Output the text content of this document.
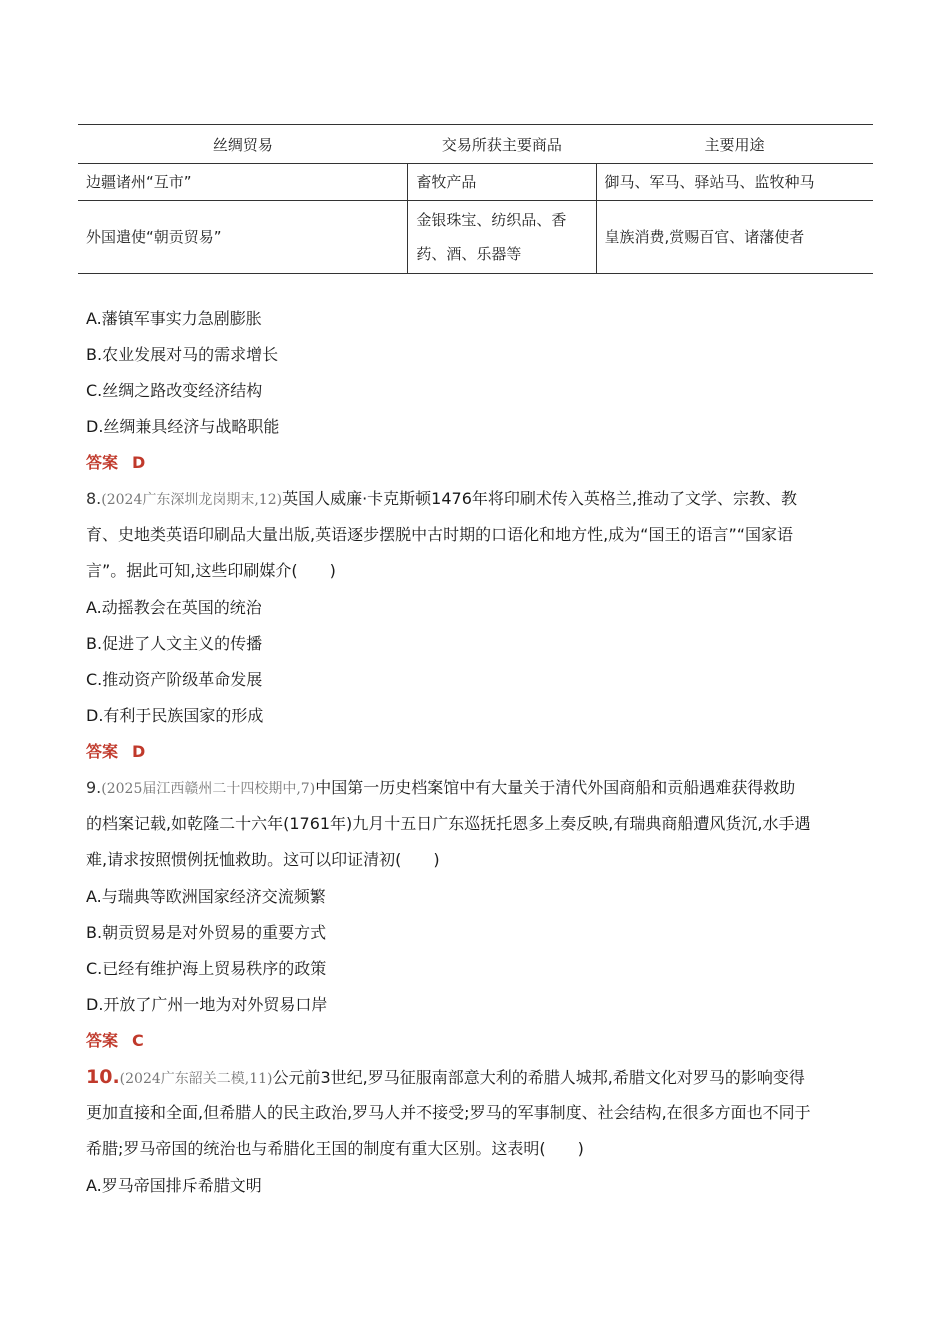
丝绸贸易	交易所获主要商品	主要用途
边疆诸州“互市”	畜牧产品	御马、军马、驿站马、监牧种马
外国遣使“朝贡贸易”	金银珠宝、纺织品、香药、酒、乐器等	皇族消费,赏赐百官、诸藩使者
A.藩镇军事实力急剧膨胀
B.农业发展对马的需求增长
C.丝绸之路改变经济结构
D.丝绸兼具经济与战略职能
答案 D
8.(2024广东深圳龙岗期末,12)英国人威廉·卡克斯顿1476年将印刷术传入英格兰,推动了文学、宗教、教
育、史地类英语印刷品大量出版,英语逐步摆脱中古时期的口语化和地方性,成为“国王的语言”“国家语
言”。据此可知,这些印刷媒介(　　)
A.动摇教会在英国的统治
B.促进了人文主义的传播
C.推动资产阶级革命发展
D.有利于民族国家的形成
答案 D
9.(2025届江西赣州二十四校期中,7)中国第一历史档案馆中有大量关于清代外国商船和贡船遇难获得救助
的档案记载,如乾隆二十六年(1761年)九月十五日广东巡抚托恩多上奏反映,有瑞典商船遭风货沉,水手遇
难,请求按照惯例抚恤救助。这可以印证清初(　　)
A.与瑞典等欧洲国家经济交流频繁
B.朝贡贸易是对外贸易的重要方式
C.已经有维护海上贸易秩序的政策
D.开放了广州一地为对外贸易口岸
答案 C
10.(2024广东韶关二模,11)公元前3世纪,罗马征服南部意大利的希腊人城邦,希腊文化对罗马的影响变得
更加直接和全面,但希腊人的民主政治,罗马人并不接受;罗马的军事制度、社会结构,在很多方面也不同于
希腊;罗马帝国的统治也与希腊化王国的制度有重大区别。这表明(　　)
A.罗马帝国排斥希腊文明
